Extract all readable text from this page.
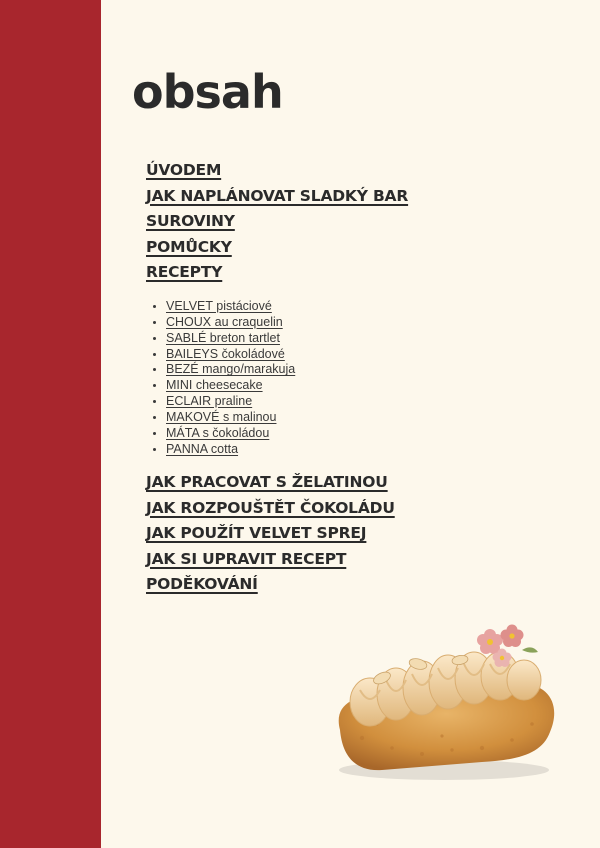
obsah
ÚVODEM
JAK NAPLÁNOVAT SLADKÝ BAR
SUROVINY
POMŮCKY
RECEPTY
• VELVET pistáciové
• CHOUX au craquelin
• SABLÉ breton tartlet
• BAILEYS čokoládové
• BEZÉ mango/marakuja
• MINI cheesecake
• ECLAIR praline
• MAKOVÉ s malinou
• MÁTA s čokoládou
• PANNA cotta
JAK PRACOVAT S ŽELATINOU
JAK ROZPOUŠTĚT ČOKOLÁDU
JAK POUŽÍT VELVET SPREJ
JAK SI UPRAVIT RECEPT
PODĚKOVÁNÍ
